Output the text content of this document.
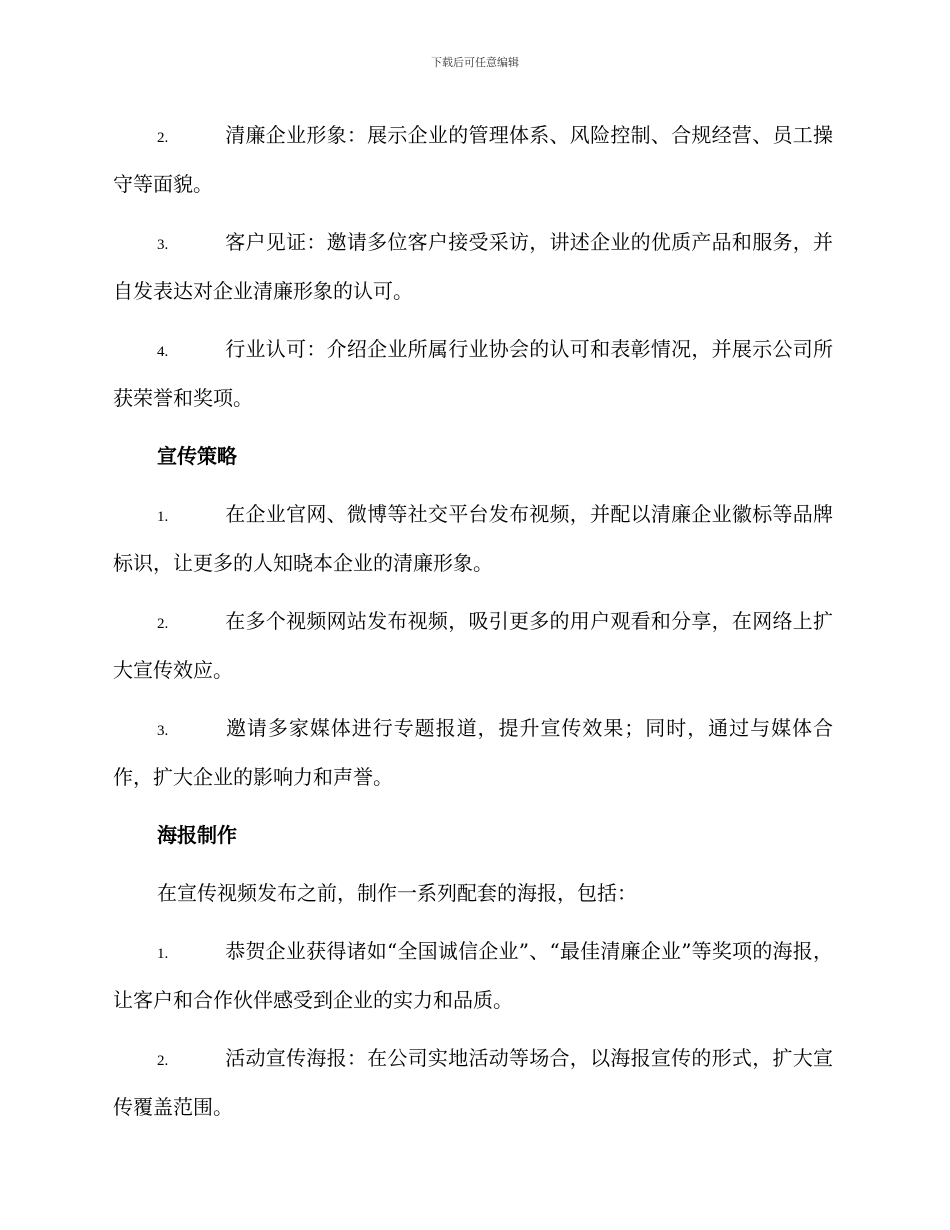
下载后可任意编辑

2.	清廉企业形象：展示企业的管理体系、风险控制、合规经营、员工操守等面貌。

3.	客户见证：邀请多位客户接受采访，讲述企业的优质产品和服务，并自发表达对企业清廉形象的认可。

4.	行业认可：介绍企业所属行业协会的认可和表彰情况，并展示公司所获荣誉和奖项。

宣传策略

1.	在企业官网、微博等社交平台发布视频，并配以清廉企业徽标等品牌标识，让更多的人知晓本企业的清廉形象。

2.	在多个视频网站发布视频，吸引更多的用户观看和分享，在网络上扩大宣传效应。

3.	邀请多家媒体进行专题报道，提升宣传效果；同时，通过与媒体合作，扩大企业的影响力和声誉。

海报制作

在宣传视频发布之前，制作一系列配套的海报，包括：

1.	恭贺企业获得诸如“全国诚信企业”、“最佳清廉企业”等奖项的海报，让客户和合作伙伴感受到企业的实力和品质。

2.	活动宣传海报：在公司实地活动等场合，以海报宣传的形式，扩大宣传覆盖范围。
